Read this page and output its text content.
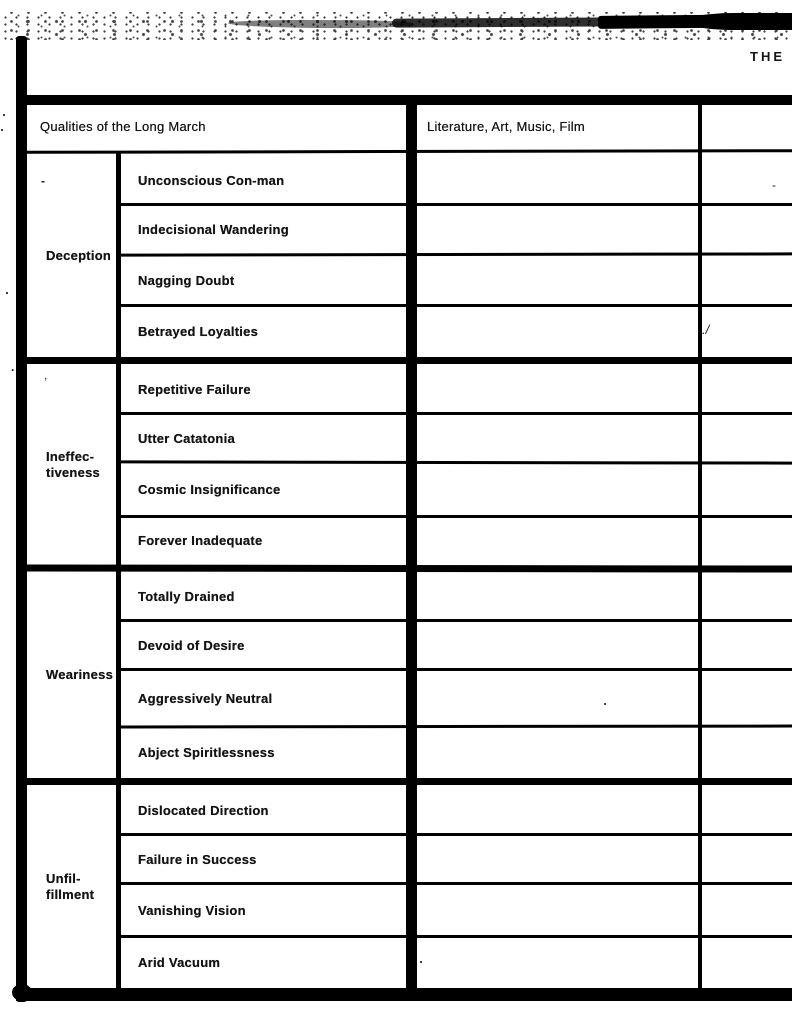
THE
Qualities of the Long March	Literature, Art, Music, Film
Deception
Ineffec-
tiveness
Weariness
Unfil-
fillment
Unconscious Con-man
Indecisional Wandering
Nagging Doubt
Betrayed Loyalties
Repetitive Failure
Utter Catatonia
Cosmic Insignificance
Forever Inadequate
Totally Drained
Devoid of Desire
Aggressively Neutral
Abject Spiritlessness
Dislocated Direction
Failure in Success
Vanishing Vision
Arid Vacuum
-	-
.
,
./
